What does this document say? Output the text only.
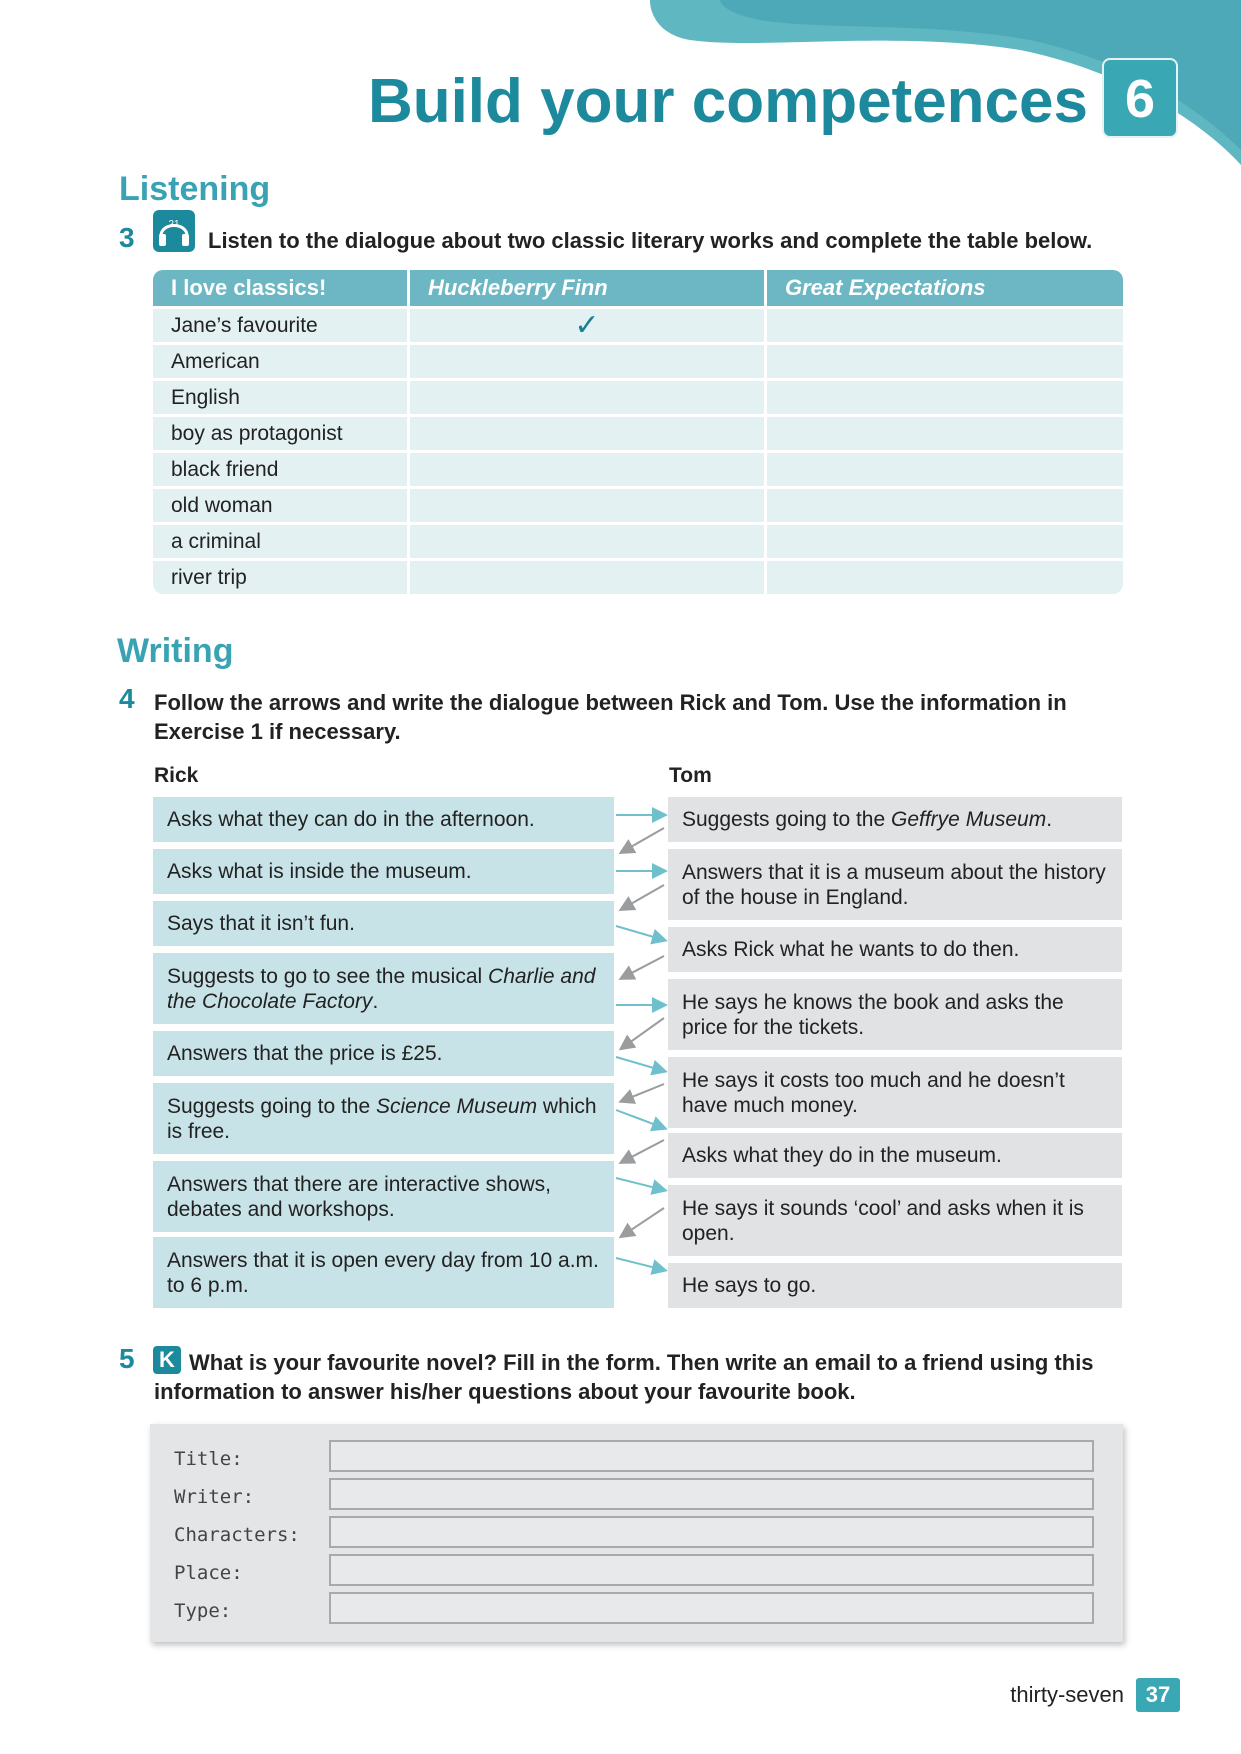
Build your competences 6
Listening
3	21
Listen to the dialogue about two classic literary works and complete the table below.
I love classics!	Huckleberry Finn	Great Expectations
Jane’s favourite	✓
American
English
boy as protagonist
black friend
old woman
a criminal
river trip
Writing
4 Follow the arrows and write the dialogue between Rick and Tom. Use the information in
Exercise 1 if necessary.
Rick	Tom
Asks what they can do in the afternoon.
Asks what is inside the museum.
Says that it isn’t fun.
Suggests to go to see the musical Charlie and the Chocolate Factory.
Answers that the price is £25.
Suggests going to the Science Museum which is free.
Answers that there are interactive shows, debates and workshops.
Answers that it is open every day from 10 a.m. to 6 p.m.
Suggests going to the Geffrye Museum.
Answers that it is a museum about the history of the house in England.
Asks Rick what he wants to do then.
He says he knows the book and asks the price for the tickets.
He says it costs too much and he doesn’t have much money.
Asks what they do in the museum.
He says it sounds ‘cool’ and asks when it is open.
He says to go.
5 K What is your favourite novel? Fill in the form. Then write an email to a friend using this
information to answer his/her questions about your favourite book.
Title:
Writer:
Characters:
Place:
Type:
thirty-seven 37
